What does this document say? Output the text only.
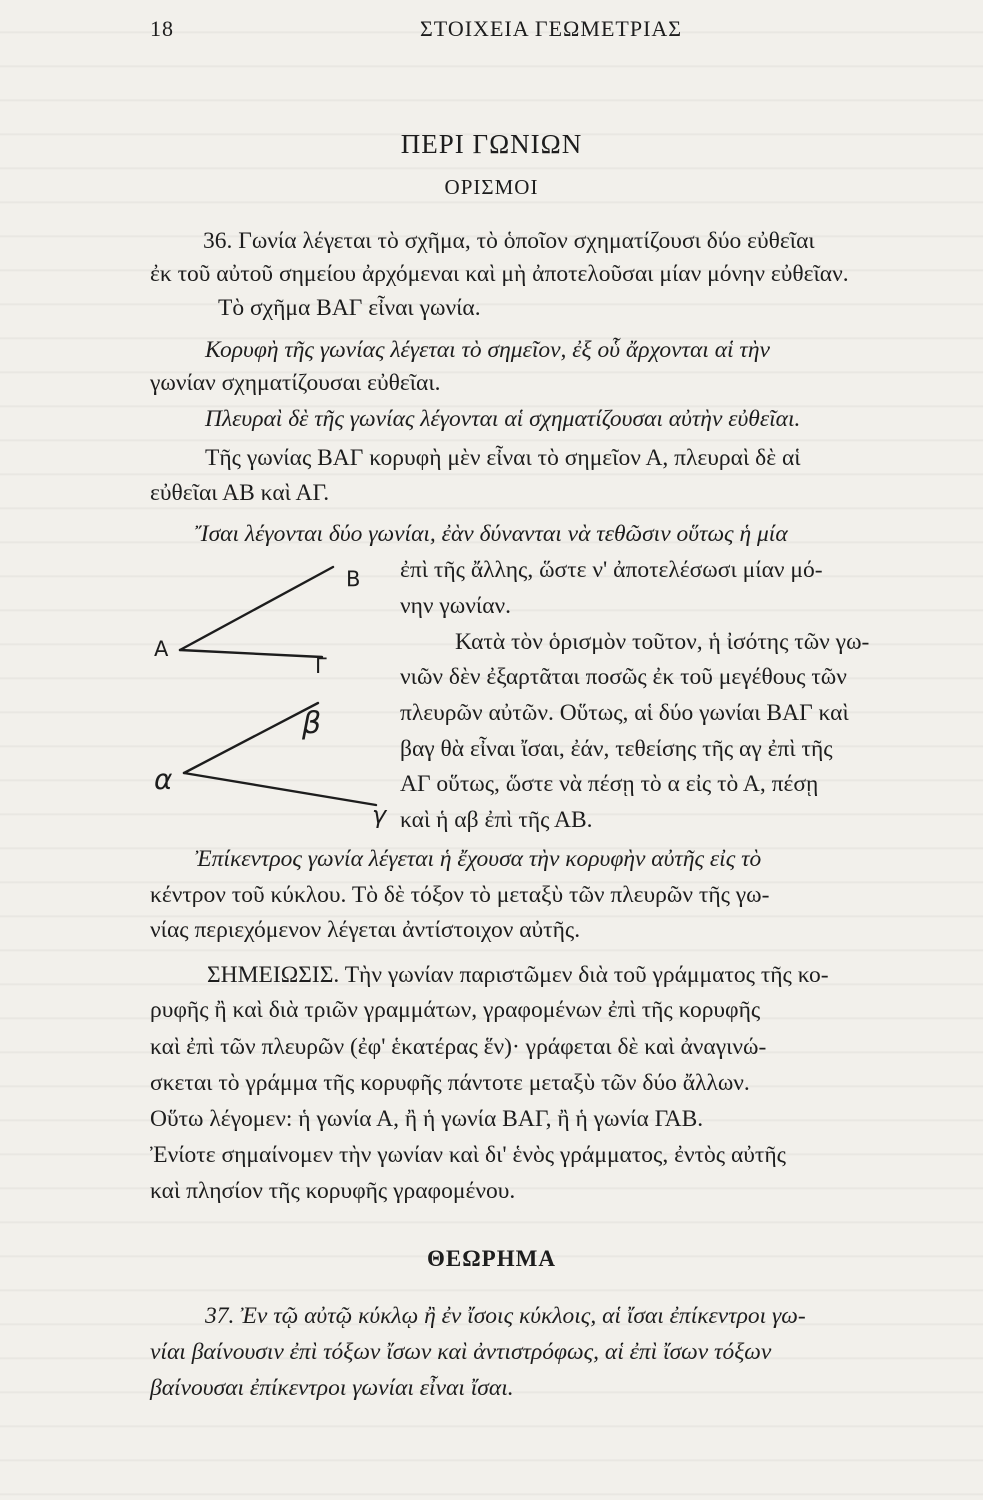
18	ΣΤΟΙΧΕΙΑ ΓΕΩΜΕΤΡΙΑΣ
ΠΕΡΙ ΓΩΝΙΩΝ
ΟΡΙΣΜΟΙ
36. Γωνία λέγεται τὸ σχῆμα, τὸ ὁποῖον σχηματίζουσι δύο εὐθεῖαι
ἐκ τοῦ αὐτοῦ σημείου ἀρχόμεναι καὶ μὴ ἀποτελοῦσαι μίαν μόνην εὐθεῖαν.
Τὸ σχῆμα ΒΑΓ εἶναι γωνία.
Κορυφὴ τῆς γωνίας λέγεται τὸ σημεῖον, ἐξ οὗ ἄρχονται αἱ τὴν
γωνίαν σχηματίζουσαι εὐθεῖαι.
Πλευραὶ δὲ τῆς γωνίας λέγονται αἱ σχηματίζουσαι αὐτὴν εὐθεῖαι.
Τῆς γωνίας ΒΑΓ κορυφὴ μὲν εἶναι τὸ σημεῖον Α, πλευραὶ δὲ αἱ
εὐθεῖαι ΑΒ καὶ ΑΓ.
Ἴσαι λέγονται δύο γωνίαι, ἐὰν δύνανται νὰ τεθῶσιν οὕτως ἡ μία
ἐπὶ τῆς ἄλλης, ὥστε ν' ἀποτελέσωσι μίαν μό-
νην γωνίαν.
Κατὰ τὸν ὁρισμὸν τοῦτον, ἡ ἰσότης τῶν γω-
νιῶν δὲν ἐξαρτᾶται ποσῶς ἐκ τοῦ μεγέθους τῶν
πλευρῶν αὐτῶν. Οὕτως, αἱ δύο γωνίαι ΒΑΓ καὶ
βαγ θὰ εἶναι ἴσαι, ἐάν, τεθείσης τῆς αγ ἐπὶ τῆς
ΑΓ οὕτως, ὥστε νὰ πέσῃ τὸ α εἰς τὸ Α, πέσῃ
καὶ ἡ αβ ἐπὶ τῆς ΑΒ.
Ἐπίκεντρος γωνία λέγεται ἡ ἔχουσα τὴν κορυφὴν αὐτῆς εἰς τὸ
κέντρον τοῦ κύκλου. Τὸ δὲ τόξον τὸ μεταξὺ τῶν πλευρῶν τῆς γω-
νίας περιεχόμενον λέγεται ἀντίστοιχον αὐτῆς.
ΣΗΜΕΙΩΣΙΣ. Τὴν γωνίαν παριστῶμεν διὰ τοῦ γράμματος τῆς κο-
ρυφῆς ἢ καὶ διὰ τριῶν γραμμάτων, γραφομένων ἐπὶ τῆς κορυφῆς
καὶ ἐπὶ τῶν πλευρῶν (ἐφ' ἑκατέρας ἕν)· γράφεται δὲ καὶ ἀναγινώ-
σκεται τὸ γράμμα τῆς κορυφῆς πάντοτε μεταξὺ τῶν δύο ἄλλων.
Οὕτω λέγομεν: ἡ γωνία Α, ἢ ἡ γωνία ΒΑΓ, ἢ ἡ γωνία ΓΑΒ.
Ἐνίοτε σημαίνομεν τὴν γωνίαν καὶ δι' ἑνὸς γράμματος, ἐντὸς αὐτῆς
καὶ πλησίον τῆς κορυφῆς γραφομένου.
ΘΕΩΡΗΜΑ
37. Ἐν τῷ αὐτῷ κύκλῳ ἢ ἐν ἴσοις κύκλοις, αἱ ἴσαι ἐπίκεντροι γω-
νίαι βαίνουσιν ἐπὶ τόξων ἴσων καὶ ἀντιστρόφως, αἱ ἐπὶ ἴσων τόξων
βαίνουσαι ἐπίκεντροι γωνίαι εἶναι ἴσαι.
Α
Β
Γ
α
β
γ
